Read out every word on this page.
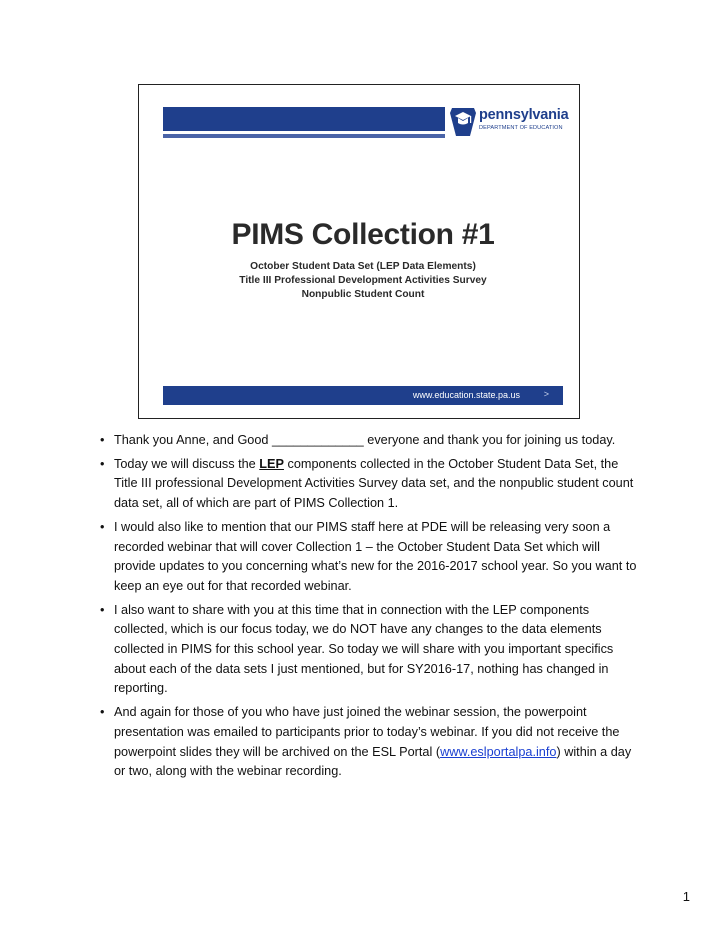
pennsylvania
DEPARTMENT OF EDUCATION
PIMS Collection #1
October Student Data Set (LEP Data Elements)
Title III Professional Development Activities Survey
Nonpublic Student Count
www.education.state.pa.us	>
• Thank you Anne, and Good _____________ everyone and thank you for joining us today.
• Today we will discuss the LEP components collected in the October Student Data Set, the Title III professional Development Activities Survey data set, and the nonpublic student count data set, all of which are part of PIMS Collection 1.
• I would also like to mention that our PIMS staff here at PDE will be releasing very soon a recorded webinar that will cover Collection 1 – the October Student Data Set which will provide updates to you concerning what’s new for the 2016-2017 school year. So you want to keep an eye out for that recorded webinar.
• I also want to share with you at this time that in connection with the LEP components collected, which is our focus today, we do NOT have any changes to the data elements collected in PIMS for this school year. So today we will share with you important specifics about each of the data sets I just mentioned, but for SY2016-17, nothing has changed in reporting.
• And again for those of you who have just joined the webinar session, the powerpoint presentation was emailed to participants prior to today’s webinar. If you did not receive the powerpoint slides they will be archived on the ESL Portal (www.eslportalpa.info) within a day or two, along with the webinar recording.
1
